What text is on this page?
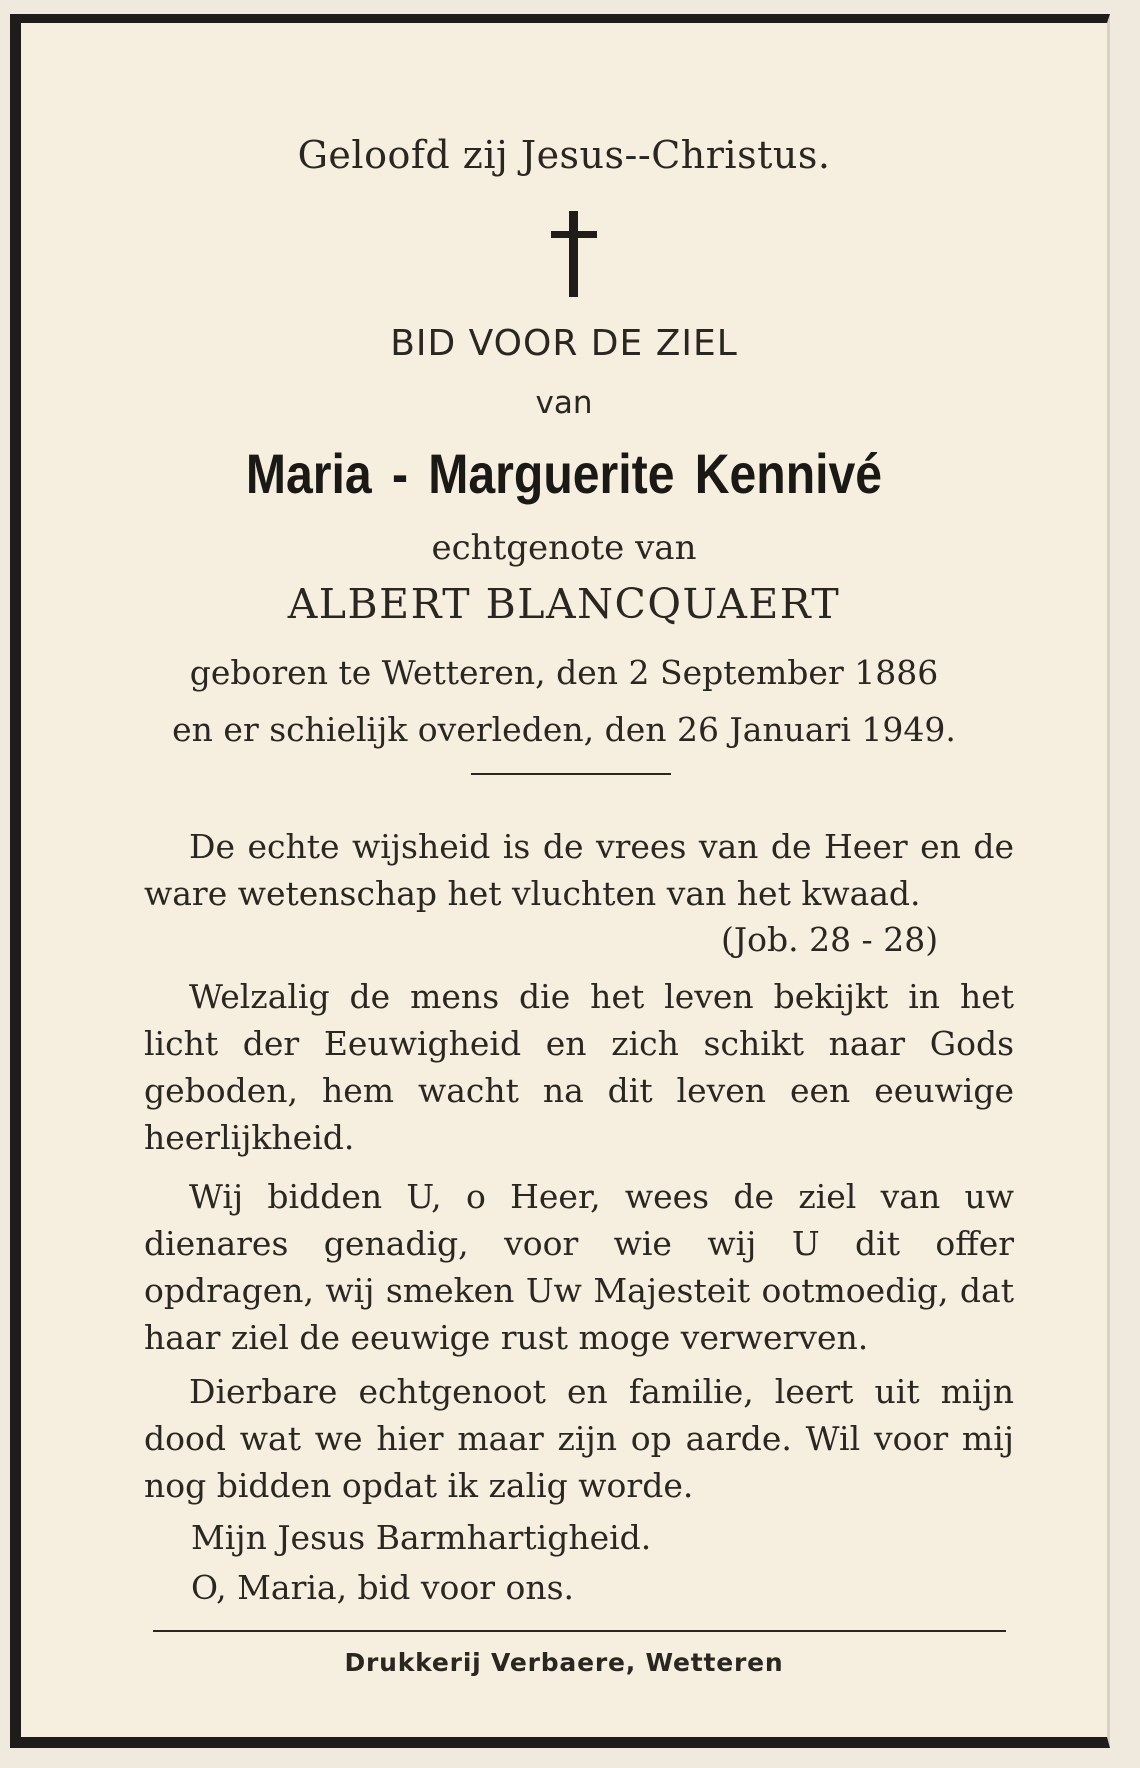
Geloofd zij Jesus--Christus.
BID VOOR DE ZIEL
van
Maria - Marguerite Kennivé
echtgenote van
ALBERT BLANCQUAERT
geboren te Wetteren, den 2 September 1886
en er schielijk overleden, den 26 Januari 1949.
De echte wijsheid is de vrees van de Heer en de ware wetenschap het vluchten van het kwaad.
(Job. 28 - 28)
Welzalig de mens die het leven bekijkt in het licht der Eeuwigheid en zich schikt naar Gods geboden, hem wacht na dit leven een eeuwige heerlijkheid.
Wij bidden U, o Heer, wees de ziel van uw dienares genadig, voor wie wij U dit offer opdragen, wij smeken Uw Majesteit ootmoedig, dat haar ziel de eeuwige rust moge verwerven.
Dierbare echtgenoot en familie, leert uit mijn dood wat we hier maar zijn op aarde. Wil voor mij nog bidden opdat ik zalig worde.
Mijn Jesus Barmhartigheid.
O, Maria, bid voor ons.
Drukkerij Verbaere, Wetteren
